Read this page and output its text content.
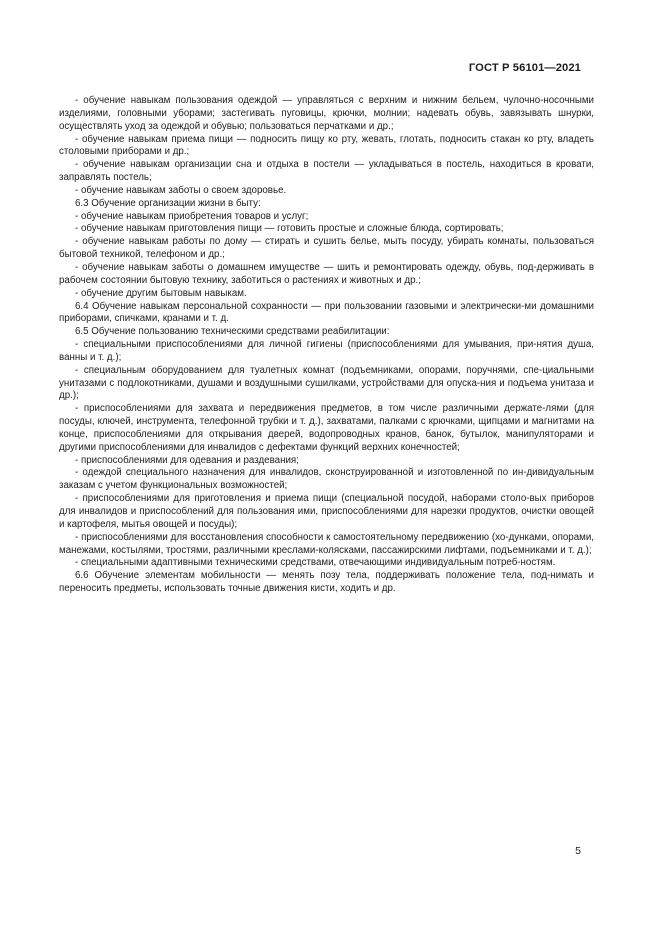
ГОСТ Р 56101—2021

- обучение навыкам пользования одеждой — управляться с верхним и нижним бельем, чулочно-носочными изделиями, головными уборами; застегивать пуговицы, крючки, молнии; надевать обувь, завязывать шнурки, осуществлять уход за одеждой и обувью; пользоваться перчатками и др.;

- обучение навыкам приема пищи — подносить пищу ко рту, жевать, глотать, подносить стакан ко рту, владеть столовыми приборами и др.;

- обучение навыкам организации сна и отдыха в постели — укладываться в постель, находиться в кровати, заправлять постель;

- обучение навыкам заботы о своем здоровье.

6.3 Обучение организации жизни в быту:

- обучение навыкам приобретения товаров и услуг;

- обучение навыкам приготовления пищи — готовить простые и сложные блюда, сортировать;

- обучение навыкам работы по дому — стирать и сушить белье, мыть посуду, убирать комнаты, пользоваться бытовой техникой, телефоном и др.;

- обучение навыкам заботы о домашнем имуществе — шить и ремонтировать одежду, обувь, под-держивать в рабочем состоянии бытовую технику, заботиться о растениях и животных и др.;

- обучение другим бытовым навыкам.

6.4 Обучение навыкам персональной сохранности — при пользовании газовыми и электрически-ми домашними приборами, спичками, кранами и т. д.

6.5 Обучение пользованию техническими средствами реабилитации:

- специальными приспособлениями для личной гигиены (приспособлениями для умывания, при-нятия душа, ванны и т. д.);

- специальным оборудованием для туалетных комнат (подъемниками, опорами, поручнями, спе-циальными унитазами с подлокотниками, душами и воздушными сушилками, устройствами для опуска-ния и подъема унитаза и др.);

- приспособлениями для захвата и передвижения предметов, в том числе различными держате-лями (для посуды, ключей, инструмента, телефонной трубки и т. д.), захватами, палками с крючками, щипцами и магнитами на конце, приспособлениями для открывания дверей, водопроводных кранов, банок, бутылок, манипуляторами и другими приспособлениями для инвалидов с дефектами функций верхних конечностей;

- приспособлениями для одевания и раздевания;

- одеждой специального назначения для инвалидов, сконструированной и изготовленной по ин-дивидуальным заказам с учетом функциональных возможностей;

- приспособлениями для приготовления и приема пищи (специальной посудой, наборами столо-вых приборов для инвалидов и приспособлений для пользования ими, приспособлениями для нарезки продуктов, очистки овощей и картофеля, мытья овощей и посуды);

- приспособлениями для восстановления способности к самостоятельному передвижению (хо-дунками, опорами, манежами, костылями, тростями, различными креслами-колясками, пассажирскими лифтами, подъемниками и т. д.);

- специальными адаптивными техническими средствами, отвечающими индивидуальным потреб-ностям.

6.6 Обучение элементам мобильности — менять позу тела, поддерживать положение тела, под-нимать и переносить предметы, использовать точные движения кисти, ходить и др.

5
